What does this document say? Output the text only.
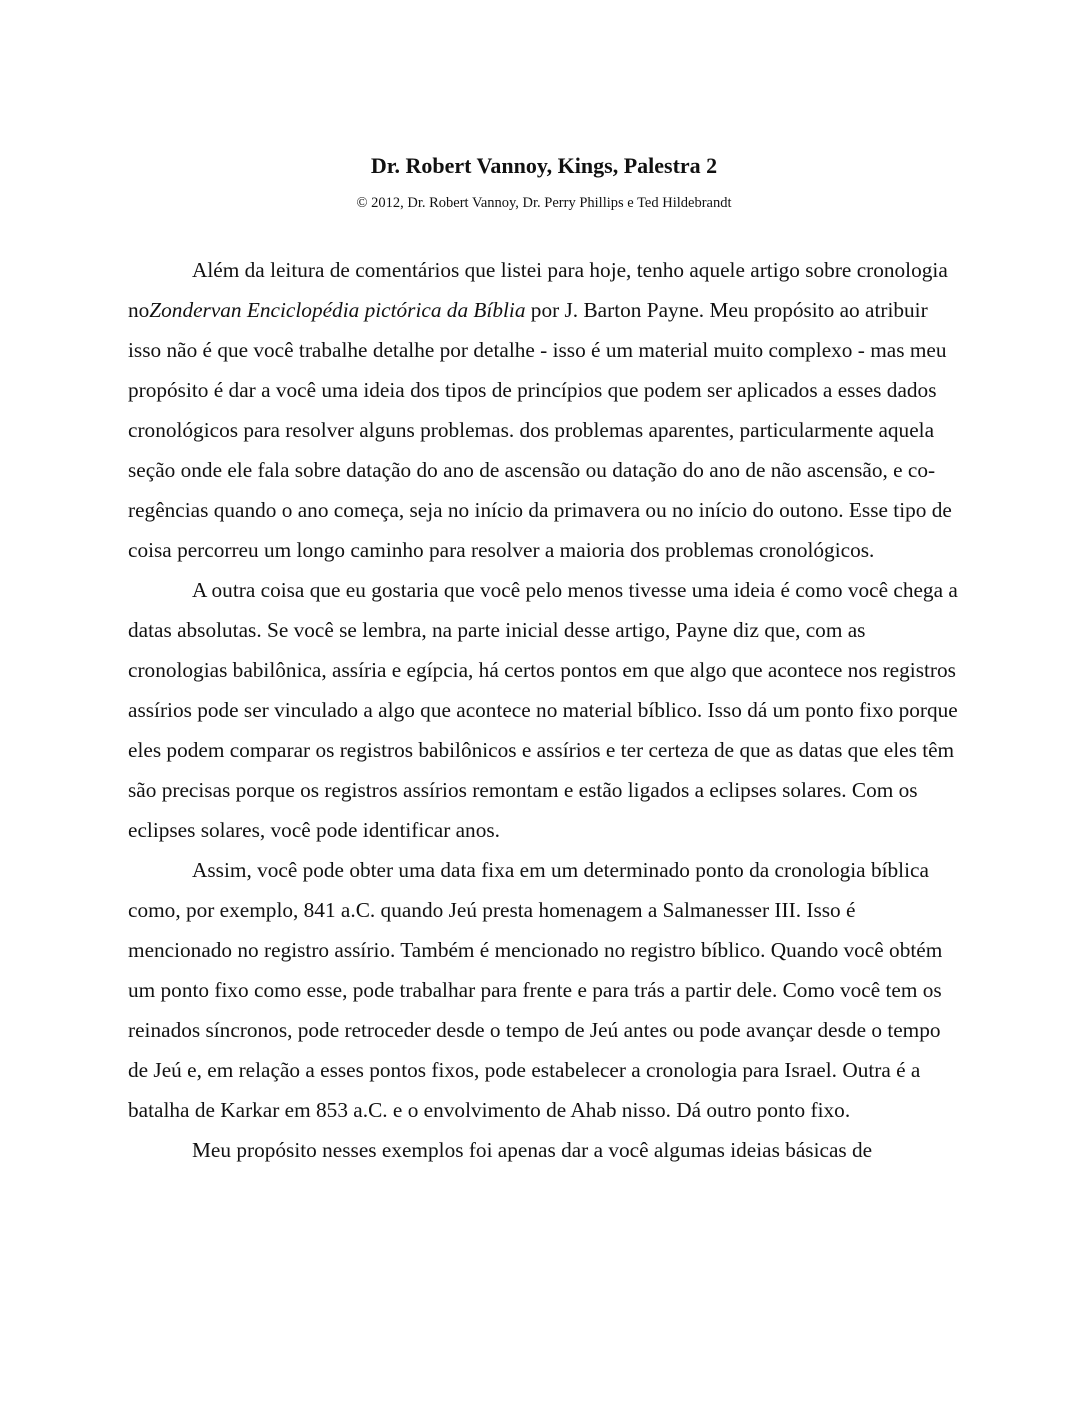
Dr. Robert Vannoy, Kings, Palestra 2

© 2012, Dr. Robert Vannoy, Dr. Perry Phillips e Ted Hildebrandt

Além da leitura de comentários que listei para hoje, tenho aquele artigo sobre cronologia noZondervan Enciclopédia pictórica da Bíblia por J. Barton Payne. Meu propósito ao atribuir isso não é que você trabalhe detalhe por detalhe - isso é um material muito complexo - mas meu propósito é dar a você uma ideia dos tipos de princípios que podem ser aplicados a esses dados cronológicos para resolver alguns problemas. dos problemas aparentes, particularmente aquela seção onde ele fala sobre datação do ano de ascensão ou datação do ano de não ascensão, e co-regências quando o ano começa, seja no início da primavera ou no início do outono. Esse tipo de coisa percorreu um longo caminho para resolver a maioria dos problemas cronológicos.

A outra coisa que eu gostaria que você pelo menos tivesse uma ideia é como você chega a datas absolutas. Se você se lembra, na parte inicial desse artigo, Payne diz que, com as cronologias babilônica, assíria e egípcia, há certos pontos em que algo que acontece nos registros assírios pode ser vinculado a algo que acontece no material bíblico. Isso dá um ponto fixo porque eles podem comparar os registros babilônicos e assírios e ter certeza de que as datas que eles têm são precisas porque os registros assírios remontam e estão ligados a eclipses solares. Com os eclipses solares, você pode identificar anos.

Assim, você pode obter uma data fixa em um determinado ponto da cronologia bíblica como, por exemplo, 841 a.C. quando Jeú presta homenagem a Salmanesser III. Isso é mencionado no registro assírio. Também é mencionado no registro bíblico. Quando você obtém um ponto fixo como esse, pode trabalhar para frente e para trás a partir dele. Como você tem os reinados síncronos, pode retroceder desde o tempo de Jeú antes ou pode avançar desde o tempo de Jeú e, em relação a esses pontos fixos, pode estabelecer a cronologia para Israel. Outra é a batalha de Karkar em 853 a.C. e o envolvimento de Ahab nisso. Dá outro ponto fixo.

Meu propósito nesses exemplos foi apenas dar a você algumas ideias básicas de
